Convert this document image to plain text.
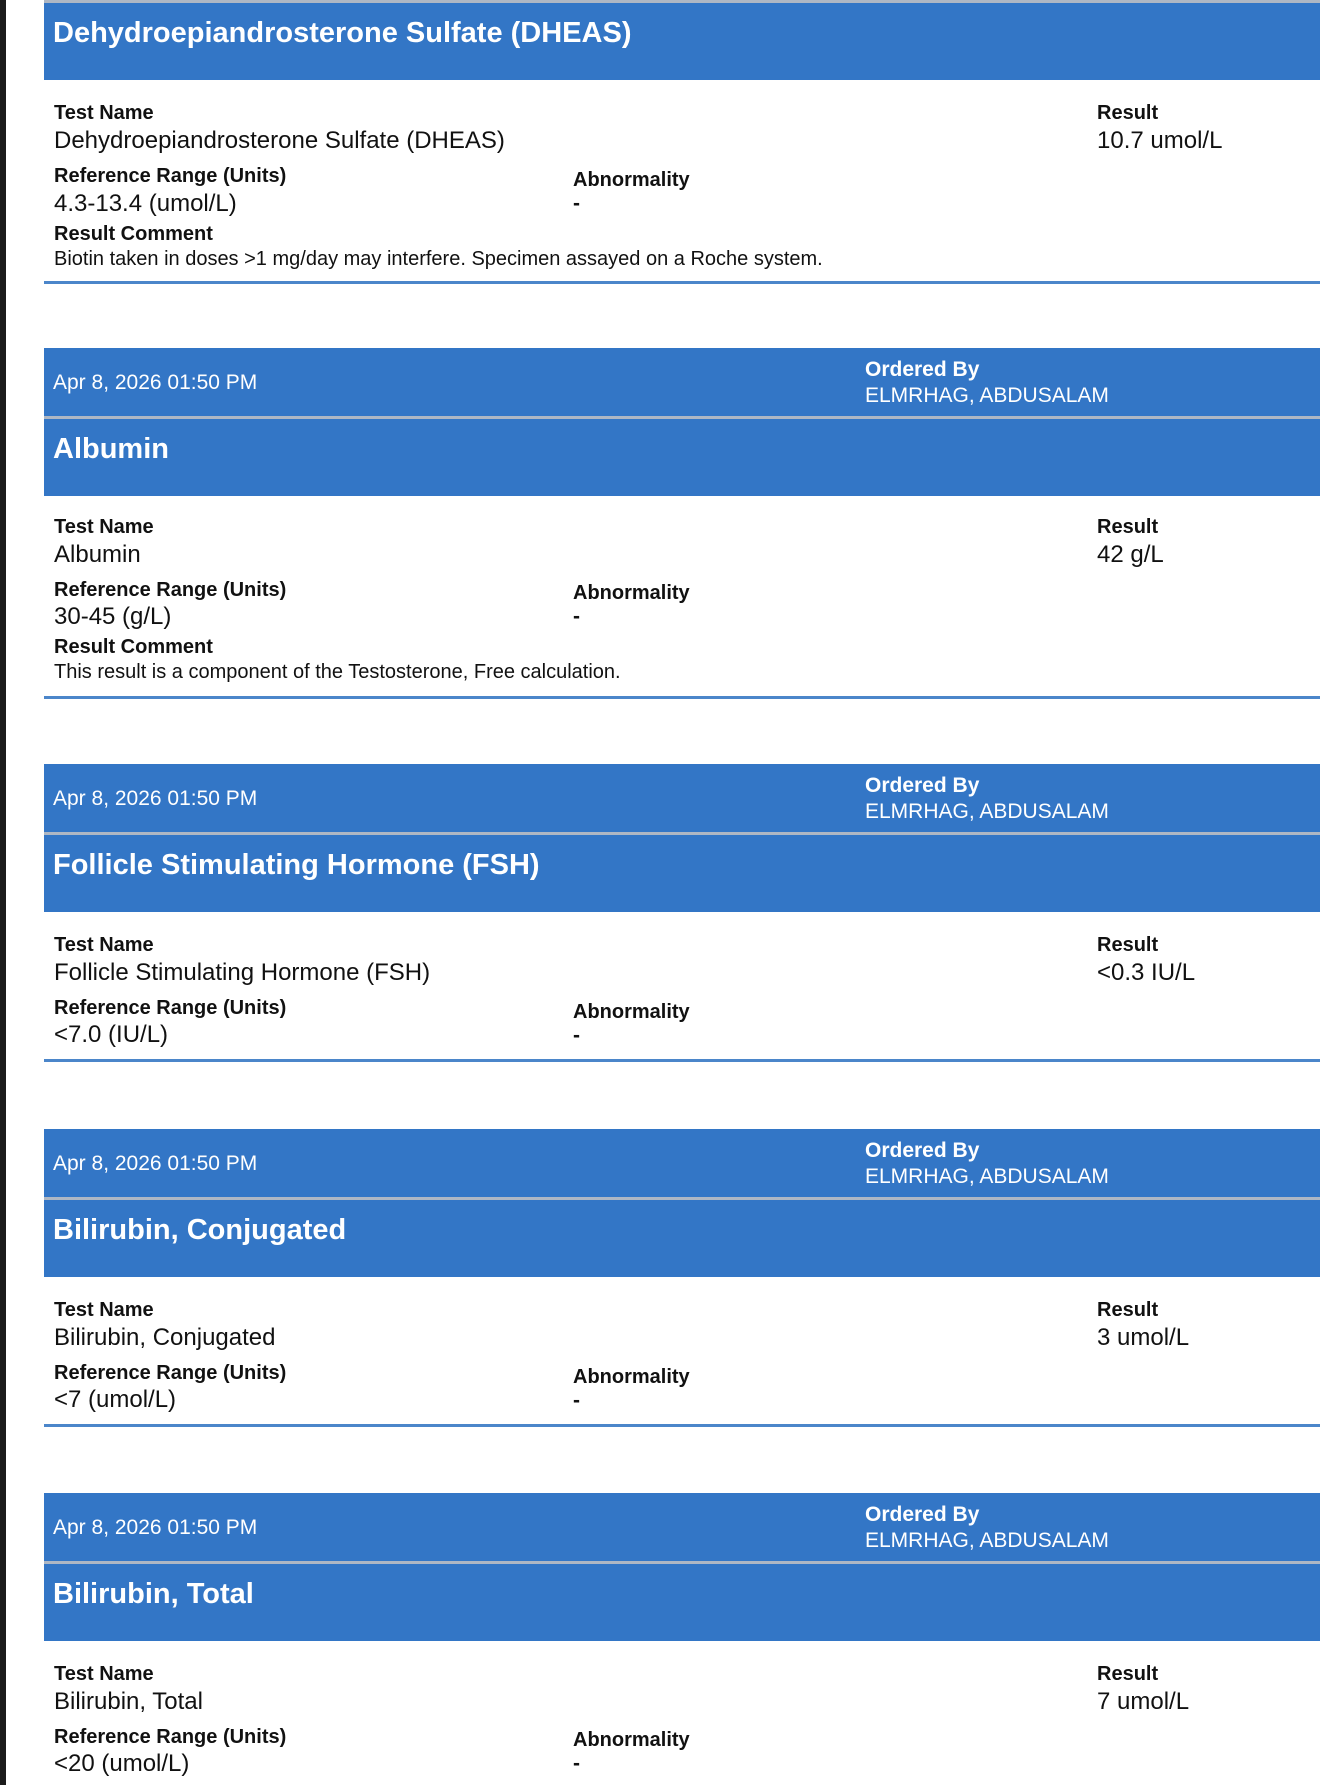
Dehydroepiandrosterone Sulfate (DHEAS)
Test Name
Dehydroepiandrosterone Sulfate (DHEAS)
Result
10.7 umol/L
Reference Range (Units)
4.3-13.4 (umol/L)
Abnormality
-
Result Comment
Biotin taken in doses >1 mg/day may interfere. Specimen assayed on a Roche system.
Apr 8, 2026 01:50 PM
Ordered By
ELMRHAG, ABDUSALAM
Albumin
Test Name
Albumin
Result
42 g/L
Reference Range (Units)
30-45 (g/L)
Abnormality
-
Result Comment
This result is a component of the Testosterone, Free calculation.
Apr 8, 2026 01:50 PM
Ordered By
ELMRHAG, ABDUSALAM
Follicle Stimulating Hormone (FSH)
Test Name
Follicle Stimulating Hormone (FSH)
Result
<0.3 IU/L
Reference Range (Units)
<7.0 (IU/L)
Abnormality
-
Apr 8, 2026 01:50 PM
Ordered By
ELMRHAG, ABDUSALAM
Bilirubin, Conjugated
Test Name
Bilirubin, Conjugated
Result
3 umol/L
Reference Range (Units)
<7 (umol/L)
Abnormality
-
Apr 8, 2026 01:50 PM
Ordered By
ELMRHAG, ABDUSALAM
Bilirubin, Total
Test Name
Bilirubin, Total
Result
7 umol/L
Reference Range (Units)
<20 (umol/L)
Abnormality
-
